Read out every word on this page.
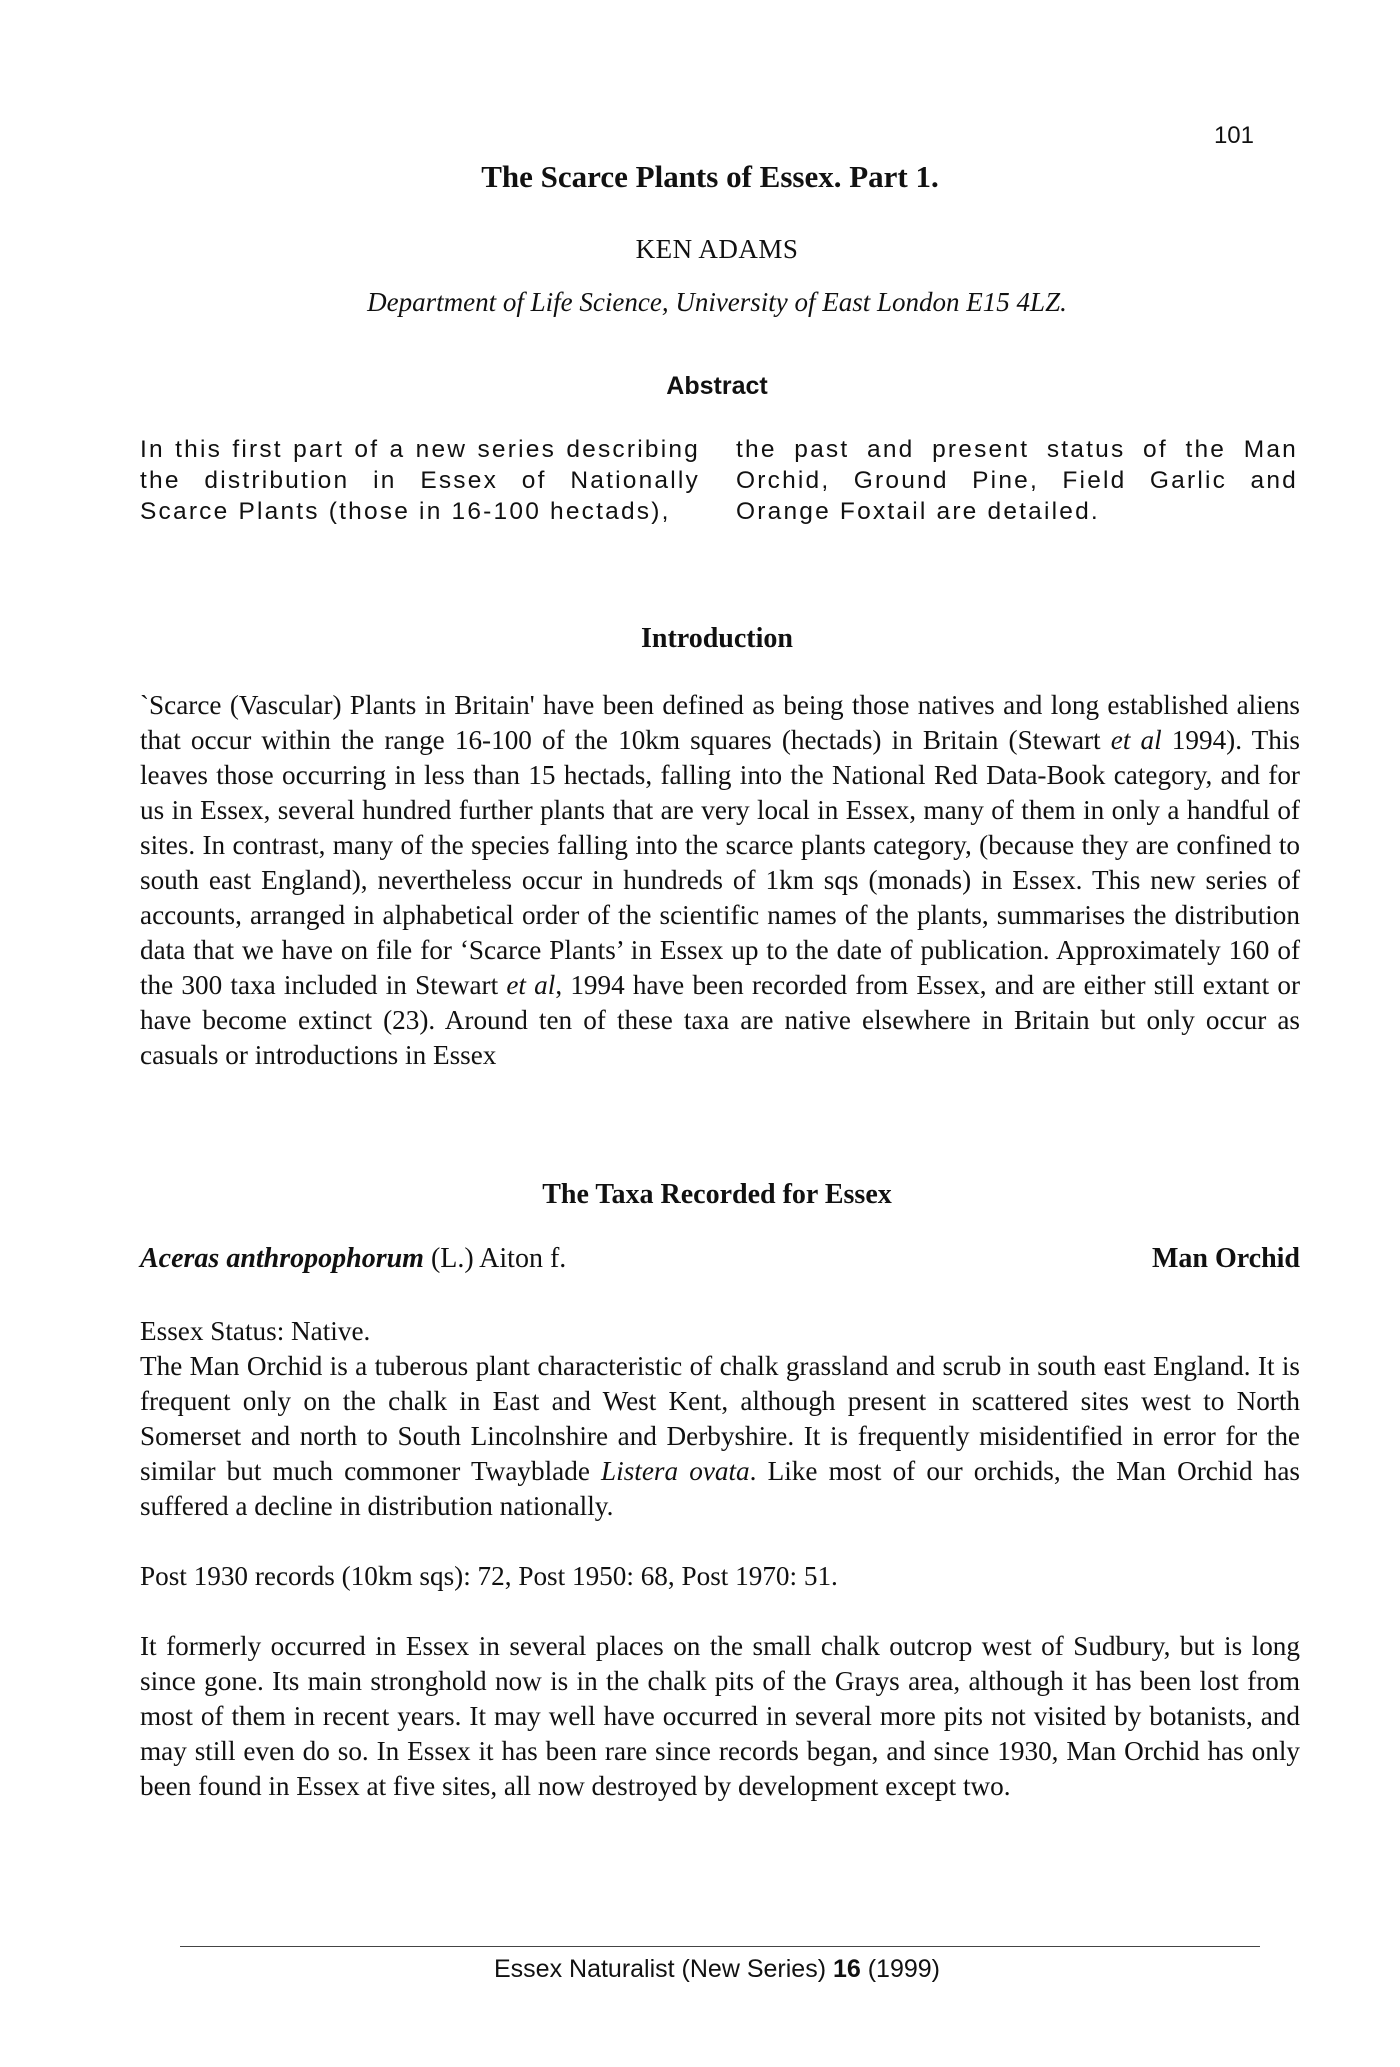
101
The Scarce Plants of Essex. Part 1.
KEN ADAMS
Department of Life Science, University of East London E15 4LZ.
Abstract
In this first part of a new series describing the distribution in Essex of Nationally Scarce Plants (those in 16-100 hectads),
the past and present status of the Man Orchid, Ground Pine, Field Garlic and Orange Foxtail are detailed.
Introduction
`Scarce (Vascular) Plants in Britain' have been defined as being those natives and long established aliens that occur within the range 16-100 of the 10km squares (hectads) in Britain (Stewart et al 1994). This leaves those occurring in less than 15 hectads, falling into the National Red Data-Book category, and for us in Essex, several hundred further plants that are very local in Essex, many of them in only a handful of sites. In contrast, many of the species falling into the scarce plants category, (because they are confined to south east England), nevertheless occur in hundreds of 1km sqs (monads) in Essex. This new series of accounts, arranged in alphabetical order of the scientific names of the plants, summarises the distribution data that we have on file for ‘Scarce Plants’ in Essex up to the date of publication. Approximately 160 of the 300 taxa included in Stewart et al, 1994 have been recorded from Essex, and are either still extant or have become extinct (23). Around ten of these taxa are native elsewhere in Britain but only occur as casuals or introductions in Essex
The Taxa Recorded for Essex
Aceras anthropophorum (L.) Aiton f.	Man Orchid
Essex Status: Native.
The Man Orchid is a tuberous plant characteristic of chalk grassland and scrub in south east England. It is frequent only on the chalk in East and West Kent, although present in scattered sites west to North Somerset and north to South Lincolnshire and Derbyshire. It is frequently misidentified in error for the similar but much commoner Twayblade Listera ovata. Like most of our orchids, the Man Orchid has suffered a decline in distribution nationally.
Post 1930 records (10km sqs): 72, Post 1950: 68, Post 1970: 51.
It formerly occurred in Essex in several places on the small chalk outcrop west of Sudbury, but is long since gone. Its main stronghold now is in the chalk pits of the Grays area, although it has been lost from most of them in recent years. It may well have occurred in several more pits not visited by botanists, and may still even do so. In Essex it has been rare since records began, and since 1930, Man Orchid has only been found in Essex at five sites, all now destroyed by development except two.
Essex Naturalist (New Series) 16 (1999)
